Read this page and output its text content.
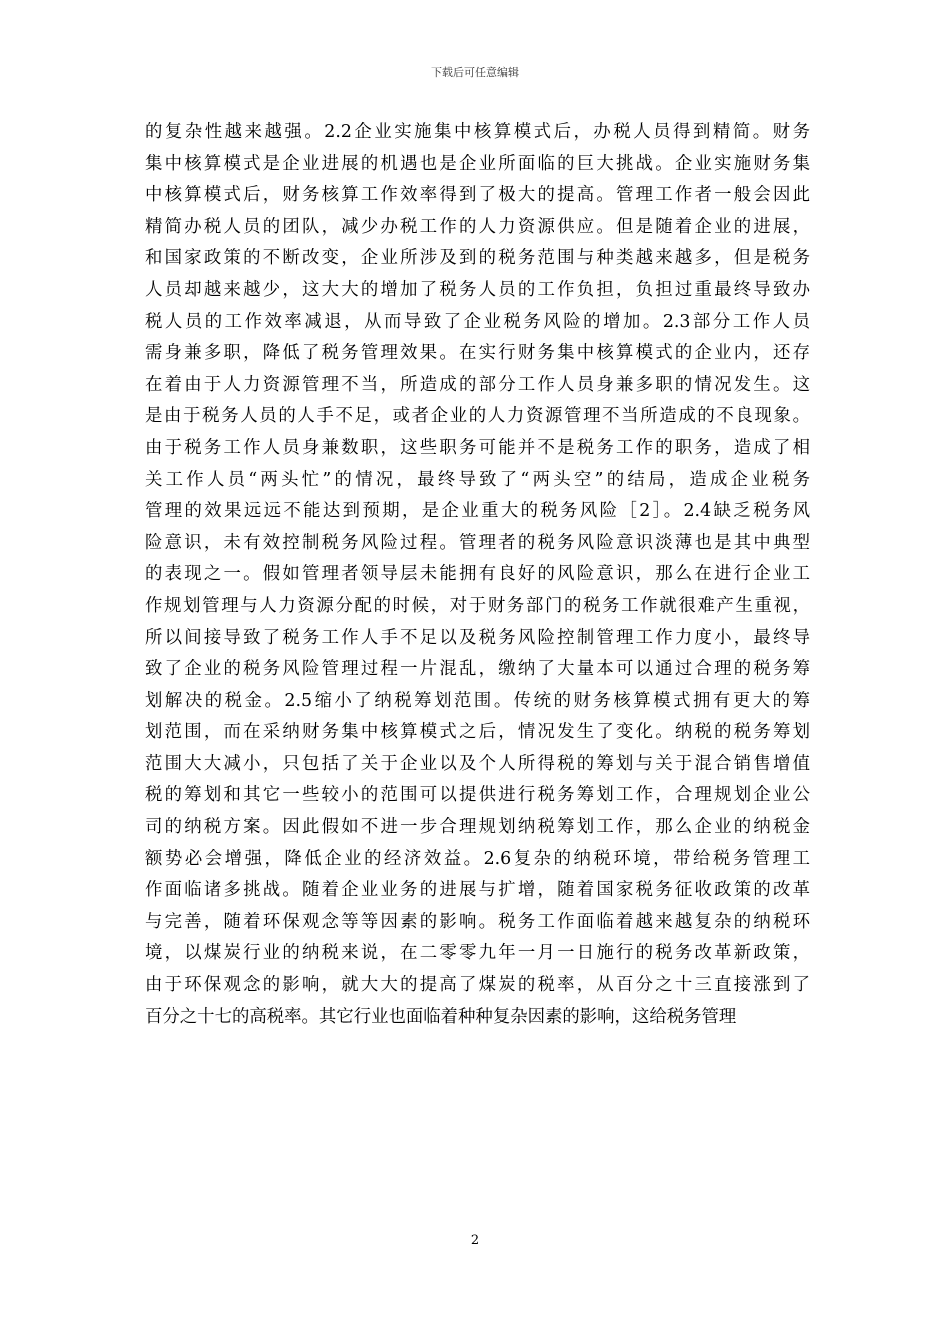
下载后可任意编辑
的复杂性越来越强。2.2企业实施集中核算模式后，办税人员得到精简。财务
集中核算模式是企业进展的机遇也是企业所面临的巨大挑战。企业实施财务集
中核算模式后，财务核算工作效率得到了极大的提高。管理工作者一般会因此
精简办税人员的团队，减少办税工作的人力资源供应。但是随着企业的进展，
和国家政策的不断改变，企业所涉及到的税务范围与种类越来越多，但是税务
人员却越来越少，这大大的增加了税务人员的工作负担，负担过重最终导致办
税人员的工作效率减退，从而导致了企业税务风险的增加。2.3部分工作人员
需身兼多职，降低了税务管理效果。在实行财务集中核算模式的企业内，还存
在着由于人力资源管理不当，所造成的部分工作人员身兼多职的情况发生。这
是由于税务人员的人手不足，或者企业的人力资源管理不当所造成的不良现象。
由于税务工作人员身兼数职，这些职务可能并不是税务工作的职务，造成了相
关工作人员“两头忙”的情况，最终导致了“两头空”的结局，造成企业税务
管理的效果远远不能达到预期，是企业重大的税务风险［2］。2.4缺乏税务风
险意识，未有效控制税务风险过程。管理者的税务风险意识淡薄也是其中典型
的表现之一。假如管理者领导层未能拥有良好的风险意识，那么在进行企业工
作规划管理与人力资源分配的时候，对于财务部门的税务工作就很难产生重视，
所以间接导致了税务工作人手不足以及税务风险控制管理工作力度小，最终导
致了企业的税务风险管理过程一片混乱，缴纳了大量本可以通过合理的税务筹
划解决的税金。2.5缩小了纳税筹划范围。传统的财务核算模式拥有更大的筹
划范围，而在采纳财务集中核算模式之后，情况发生了变化。纳税的税务筹划
范围大大减小，只包括了关于企业以及个人所得税的筹划与关于混合销售增值
税的筹划和其它一些较小的范围可以提供进行税务筹划工作，合理规划企业公
司的纳税方案。因此假如不进一步合理规划纳税筹划工作，那么企业的纳税金
额势必会增强，降低企业的经济效益。2.6复杂的纳税环境，带给税务管理工
作面临诸多挑战。随着企业业务的进展与扩增，随着国家税务征收政策的改革
与完善，随着环保观念等等因素的影响。税务工作面临着越来越复杂的纳税环
境，以煤炭行业的纳税来说，在二零零九年一月一日施行的税务改革新政策，
由于环保观念的影响，就大大的提高了煤炭的税率，从百分之十三直接涨到了
百分之十七的高税率。其它行业也面临着种种复杂因素的影响，这给税务管理
2
